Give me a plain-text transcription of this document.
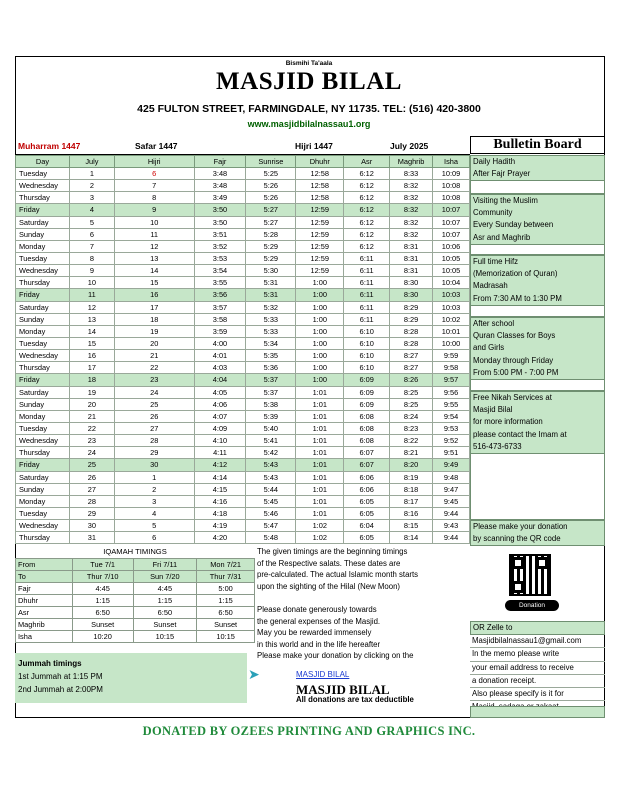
Bismihi Ta'aala
MASJID BILAL
425 FULTON STREET, FARMINGDALE, NY 11735. TEL: (516) 420-3800
www.masjidbilalnassau1.org
Muharram 1447	Safar 1447	Hijri 1447	July 2025
Day	July	Hijri	Fajr	Sunrise	Dhuhr	Asr	Maghrib	Isha
Tuesday	1	6	3:48	5:25	12:58	6:12	8:33	10:09
Wednesday	2	7	3:48	5:26	12:58	6:12	8:32	10:08
Thursday	3	8	3:49	5:26	12:58	6:12	8:32	10:08
Friday	4	9	3:50	5:27	12:59	6:12	8:32	10:07
Saturday	5	10	3:50	5:27	12:59	6:12	8:32	10:07
Sunday	6	11	3:51	5:28	12:59	6:12	8:32	10:07
Monday	7	12	3:52	5:29	12:59	6:12	8:31	10:06
Tuesday	8	13	3:53	5:29	12:59	6:11	8:31	10:05
Wednesday	9	14	3:54	5:30	12:59	6:11	8:31	10:05
Thursday	10	15	3:55	5:31	1:00	6:11	8:30	10:04
Friday	11	16	3:56	5:31	1:00	6:11	8:30	10:03
Saturday	12	17	3:57	5:32	1:00	6:11	8:29	10:03
Sunday	13	18	3:58	5:33	1:00	6:11	8:29	10:02
Monday	14	19	3:59	5:33	1:00	6:10	8:28	10:01
Tuesday	15	20	4:00	5:34	1:00	6:10	8:28	10:00
Wednesday	16	21	4:01	5:35	1:00	6:10	8:27	9:59
Thursday	17	22	4:03	5:36	1:00	6:10	8:27	9:58
Friday	18	23	4:04	5:37	1:00	6:09	8:26	9:57
Saturday	19	24	4:05	5:37	1:01	6:09	8:25	9:56
Sunday	20	25	4:06	5:38	1:01	6:09	8:25	9:55
Monday	21	26	4:07	5:39	1:01	6:08	8:24	9:54
Tuesday	22	27	4:09	5:40	1:01	6:08	8:23	9:53
Wednesday	23	28	4:10	5:41	1:01	6:08	8:22	9:52
Thursday	24	29	4:11	5:42	1:01	6:07	8:21	9:51
Friday	25	30	4:12	5:43	1:01	6:07	8:20	9:49
Saturday	26	1	4:14	5:43	1:01	6:06	8:19	9:48
Sunday	27	2	4:15	5:44	1:01	6:06	8:18	9:47
Monday	28	3	4:16	5:45	1:01	6:05	8:17	9:45
Tuesday	29	4	4:18	5:46	1:01	6:05	8:16	9:44
Wednesday	30	5	4:19	5:47	1:02	6:04	8:15	9:43
Thursday	31	6	4:20	5:48	1:02	6:05	8:14	9:44
Bulletin Board
Daily Hadith
After Fajr Prayer
Visiting the Muslim
Community
Every Sunday between
Asr and Maghrib
Full time Hifz
(Memorization of Quran)
Madrasah
From 7:30 AM to 1:30 PM
After school
Quran Classes for Boys
and Girls
Monday through Friday
From 5:00 PM - 7:00 PM
Free Nikah Services at
Masjid Bilal
for more information
please contact the Imam at
516-473-6733
Please make your donation
by scanning the QR code
IQAMAH TIMINGS
From	Tue 7/1	Fri 7/11	Mon 7/21
To	Thur 7/10	Sun 7/20	Thur 7/31
Fajr	4:45	4:45	5:00
Dhuhr	1:15	1:15	1:15
Asr	6:50	6:50	6:50
Maghrib	Sunset	Sunset	Sunset
Isha	10:20	10:15	10:15
The given timings are the beginning timings
of the Respective salats. These dates are
pre-calculated. The actual Islamic month starts
upon the sighting of the Hilal (New Moon)
Please donate generously towards
the general expenses of the Masjid.
May you be rewarded immensely
in this world and in the life hereafter
Please make your donation by clicking on the
Jummah timings
1st Jummah at 1:15 PM
2nd Jummah at 2:00PM
➤	MASJID BILAL
MASJID BILAL
All donations are tax deductible
Donation
OR Zelle to
Masjidbilalnassau1@gmail.com
In the memo please write
your email address to receive
a donation receipt.
Also please specify is it for
DONATED BY OZEES PRINTING AND GRAPHICS INC.
